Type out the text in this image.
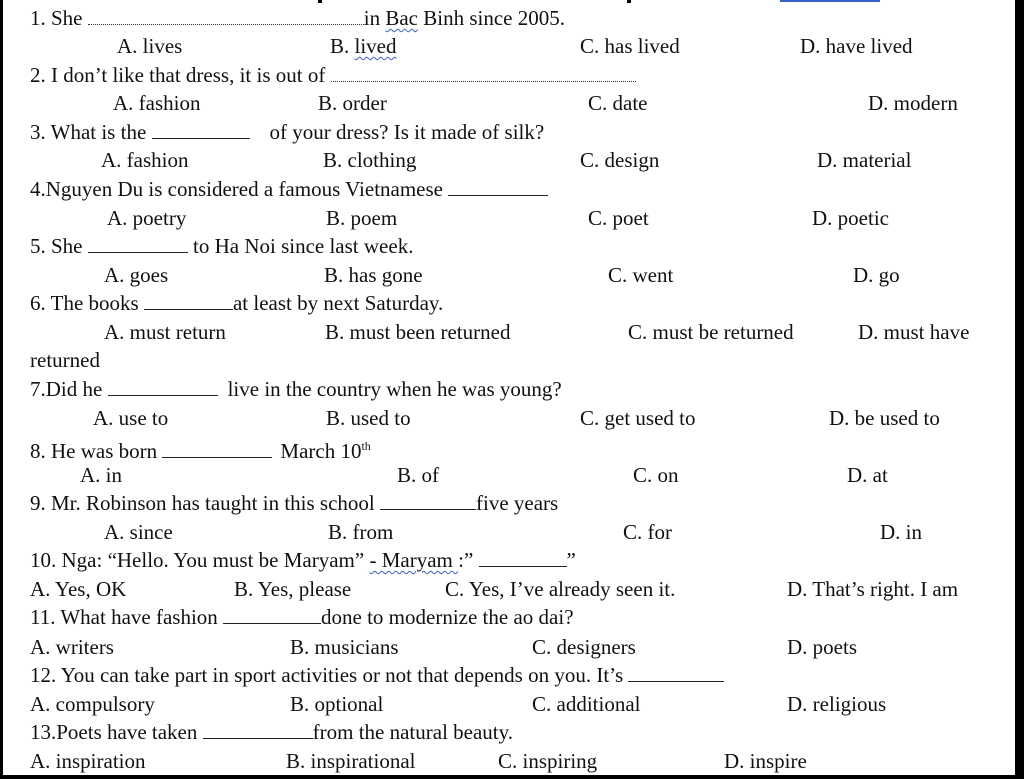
1. She	in Bac Binh since 2005.
A. lives	B. lived	C. has lived	D. have lived
2. I don’t like that dress, it is out of
A. fashion	B. order	C. date	D. modern
3. What is the	of your dress? Is it made of silk?
A. fashion	B. clothing	C. design	D. material
4.Nguyen Du is considered a famous Vietnamese
A. poetry	B. poem	C. poet	D. poetic
5. She	to Ha Noi since last week.
A. goes	B. has gone	C. went	D. go
6. The books	at least by next Saturday.
A. must return	B. must been returned	C. must be returned	D. must have
returned
7.Did he	live in the country when he was young?
A. use to	B. used to	C. get used to	D. be used to
8. He was born	March 10th
A. in	B. of	C. on	D. at
9. Mr. Robinson has taught in this school	five years
A. since	B. from	C. for	D. in
10. Nga: “Hello. You must be Maryam” - Maryam :”	”
A. Yes, OK	B. Yes, please	C. Yes, I’ve already seen it.	D. That’s right. I am
11. What have fashion	done to modernize the ao dai?
A. writers	B. musicians	C. designers	D. poets
12. You can take part in sport activities or not that depends on you. It’s
A. compulsory	B. optional	C. additional	D. religious
13.Poets have taken	from the natural beauty.
A. inspiration	B. inspirational	C. inspiring	D. inspire
